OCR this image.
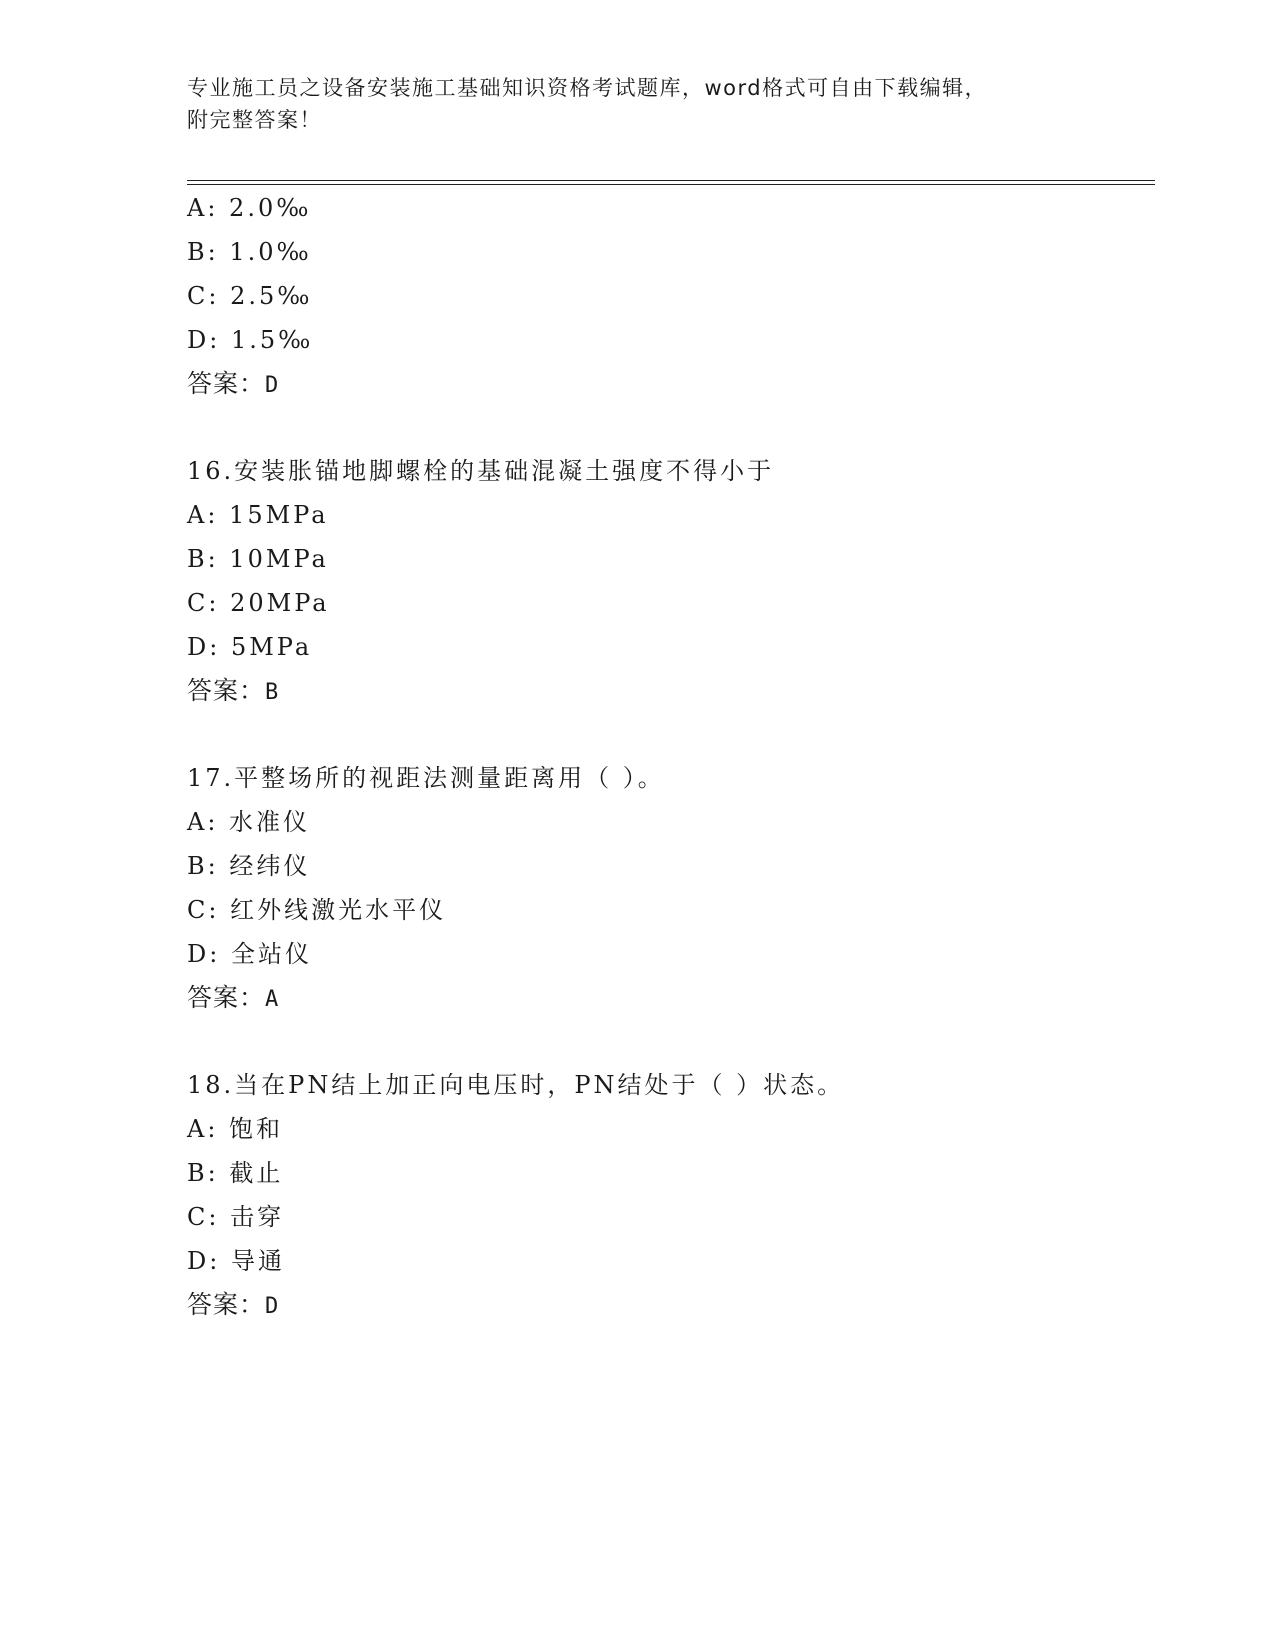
专业施工员之设备安装施工基础知识资格考试题库，word格式可自由下载编辑，
附完整答案！
A: 2.0‰
B: 1.0‰
C: 2.5‰
D: 1.5‰
答案：D
16.安装胀锚地脚螺栓的基础混凝土强度不得小于
A: 15MPa
B: 10MPa
C: 20MPa
D: 5MPa
答案：B
17.平整场所的视距法测量距离用（ ）。
A: 水准仪
B: 经纬仪
C: 红外线激光水平仪
D: 全站仪
答案：A
18.当在PN结上加正向电压时，PN结处于（ ）状态。
A: 饱和
B: 截止
C: 击穿
D: 导通
答案：D
